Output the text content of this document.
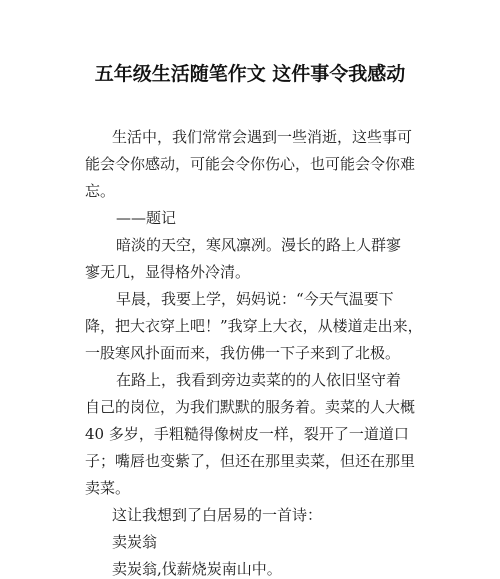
五年级生活随笔作文 这件事令我感动
生活中，我们常常会遇到一些消逝，这些事可
能会令你感动，可能会令你伤心，也可能会令你难
忘。
——题记
暗淡的天空，寒风凛冽。漫长的路上人群寥
寥无几，显得格外冷清。
早晨，我要上学，妈妈说：“今天气温要下
降，把大衣穿上吧！”我穿上大衣，从楼道走出来，
一股寒风扑面而来，我仿佛一下子来到了北极。
在路上，我看到旁边卖菜的的人依旧坚守着
自己的岗位，为我们默默的服务着。卖菜的人大概
40 多岁，手粗糙得像树皮一样，裂开了一道道口
子；嘴唇也变紫了，但还在那里卖菜，但还在那里
卖菜。
这让我想到了白居易的一首诗：
卖炭翁
卖炭翁,伐薪烧炭南山中。
